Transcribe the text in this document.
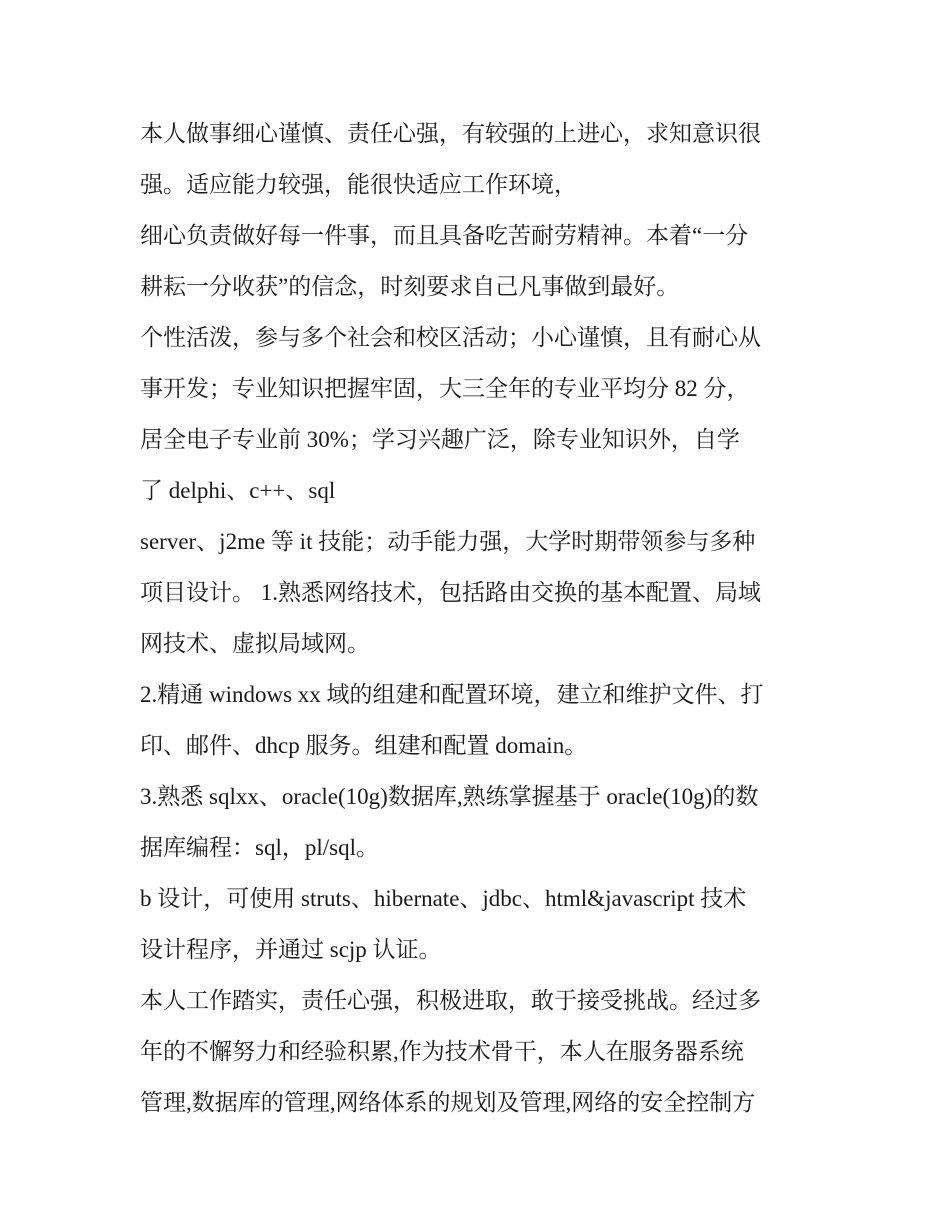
本人做事细心谨慎、责任心强，有较强的上进心，求知意识很
强。适应能力较强，能很快适应工作环境，
细心负责做好每一件事，而且具备吃苦耐劳精神。本着“一分
耕耘一分收获”的信念，时刻要求自己凡事做到最好。
个性活泼，参与多个社会和校区活动；小心谨慎，且有耐心从
事开发；专业知识把握牢固，大三全年的专业平均分 82 分，
居全电子专业前 30%；学习兴趣广泛，除专业知识外，自学
了 delphi、c++、sql
server、j2me 等 it 技能；动手能力强，大学时期带领参与多种
项目设计。 1.熟悉网络技术，包括路由交换的基本配置、局域
网技术、虚拟局域网。
2.精通 windows xx 域的组建和配置环境，建立和维护文件、打
印、邮件、dhcp 服务。组建和配置 domain。
3.熟悉 sqlxx、oracle(10g)数据库,熟练掌握基于 oracle(10g)的数
据库编程：sql，pl/sql。
b 设计，可使用 struts、hibernate、jdbc、html&javascript 技术
设计程序，并通过 scjp 认证。
本人工作踏实，责任心强，积极进取，敢于接受挑战。经过多
年的不懈努力和经验积累,作为技术骨干，本人在服务器系统
管理,数据库的管理,网络体系的规划及管理,网络的安全控制方
